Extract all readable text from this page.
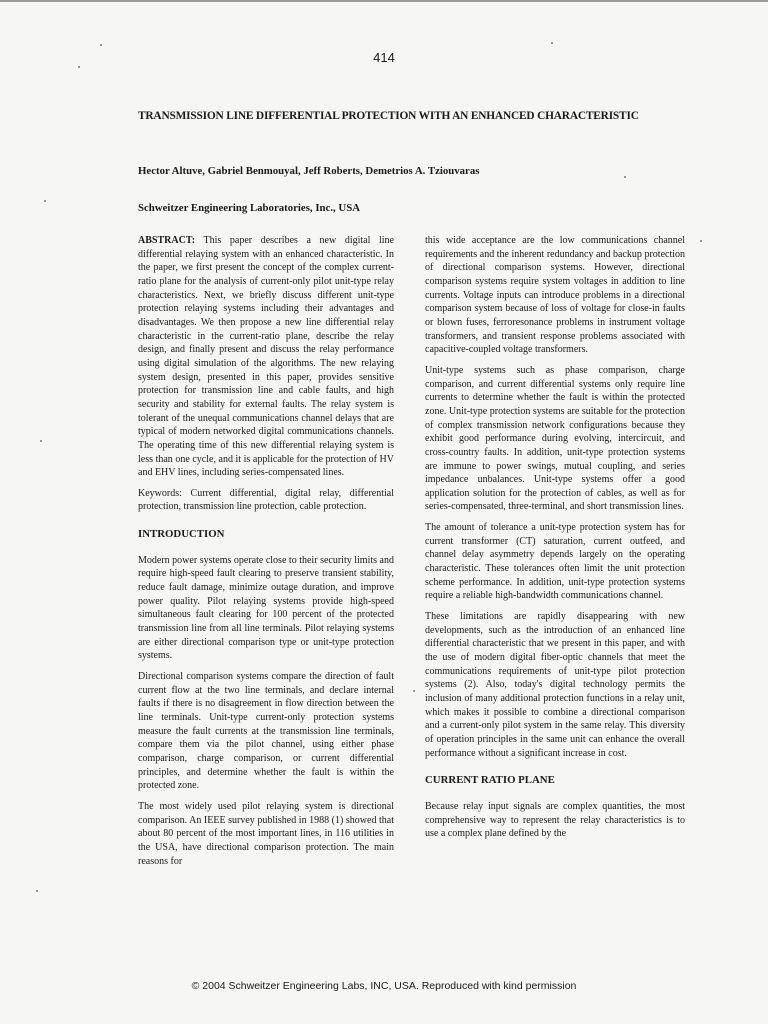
414
TRANSMISSION LINE DIFFERENTIAL PROTECTION WITH AN ENHANCED CHARACTERISTIC
Hector Altuve, Gabriel Benmouyal, Jeff Roberts, Demetrios A. Tziouvaras
Schweitzer Engineering Laboratories, Inc., USA

ABSTRACT: This paper describes a new digital line differential relaying system with an enhanced characteristic. In the paper, we first present the concept of the complex current-ratio plane for the analysis of current-only pilot unit-type relay characteristics. Next, we briefly discuss different unit-type protection relaying systems including their advantages and disadvantages. We then propose a new line differential relay characteristic in the current-ratio plane, describe the relay design, and finally present and discuss the relay performance using digital simulation of the algorithms. The new relaying system design, presented in this paper, provides sensitive protection for transmission line and cable faults, and high security and stability for external faults. The relay system is tolerant of the unequal communications channel delays that are typical of modern networked digital communications channels. The operating time of this new differential relaying system is less than one cycle, and it is applicable for the protection of HV and EHV lines, including series-compensated lines.

Keywords: Current differential, digital relay, differential protection, transmission line protection, cable protection.

INTRODUCTION

Modern power systems operate close to their security limits and require high-speed fault clearing to preserve transient stability, reduce fault damage, minimize outage duration, and improve power quality. Pilot relaying systems provide high-speed simultaneous fault clearing for 100 percent of the protected transmission line from all line terminals. Pilot relaying systems are either directional comparison type or unit-type protection systems.

Directional comparison systems compare the direction of fault current flow at the two line terminals, and declare internal faults if there is no disagreement in flow direction between the line terminals. Unit-type current-only protection systems measure the fault currents at the transmission line terminals, compare them via the pilot channel, using either phase comparison, charge comparison, or current differential principles, and determine whether the fault is within the protected zone.

The most widely used pilot relaying system is directional comparison. An IEEE survey published in 1988 (1) showed that about 80 percent of the most important lines, in 116 utilities in the USA, have directional comparison protection. The main reasons for

this wide acceptance are the low communications channel requirements and the inherent redundancy and backup protection of directional comparison systems. However, directional comparison systems require system voltages in addition to line currents. Voltage inputs can introduce problems in a directional comparison system because of loss of voltage for close-in faults or blown fuses, ferroresonance problems in instrument voltage transformers, and transient response problems associated with capacitive-coupled voltage transformers.

Unit-type systems such as phase comparison, charge comparison, and current differential systems only require line currents to determine whether the fault is within the protected zone. Unit-type protection systems are suitable for the protection of complex transmission network configurations because they exhibit good performance during evolving, intercircuit, and cross-country faults. In addition, unit-type protection systems are immune to power swings, mutual coupling, and series impedance unbalances. Unit-type systems offer a good application solution for the protection of cables, as well as for series-compensated, three-terminal, and short transmission lines.

The amount of tolerance a unit-type protection system has for current transformer (CT) saturation, current outfeed, and channel delay asymmetry depends largely on the operating characteristic. These tolerances often limit the unit protection scheme performance. In addition, unit-type protection systems require a reliable high-bandwidth communications channel.

These limitations are rapidly disappearing with new developments, such as the introduction of an enhanced line differential characteristic that we present in this paper, and with the use of modern digital fiber-optic channels that meet the communications requirements of unit-type pilot protection systems (2). Also, today's digital technology permits the inclusion of many additional protection functions in a relay unit, which makes it possible to combine a directional comparison and a current-only pilot system in the same relay. This diversity of operation principles in the same unit can enhance the overall performance without a significant increase in cost.

CURRENT RATIO PLANE

Because relay input signals are complex quantities, the most comprehensive way to represent the relay characteristics is to use a complex plane defined by the

© 2004 Schweitzer Engineering Labs, INC, USA. Reproduced with kind permission
